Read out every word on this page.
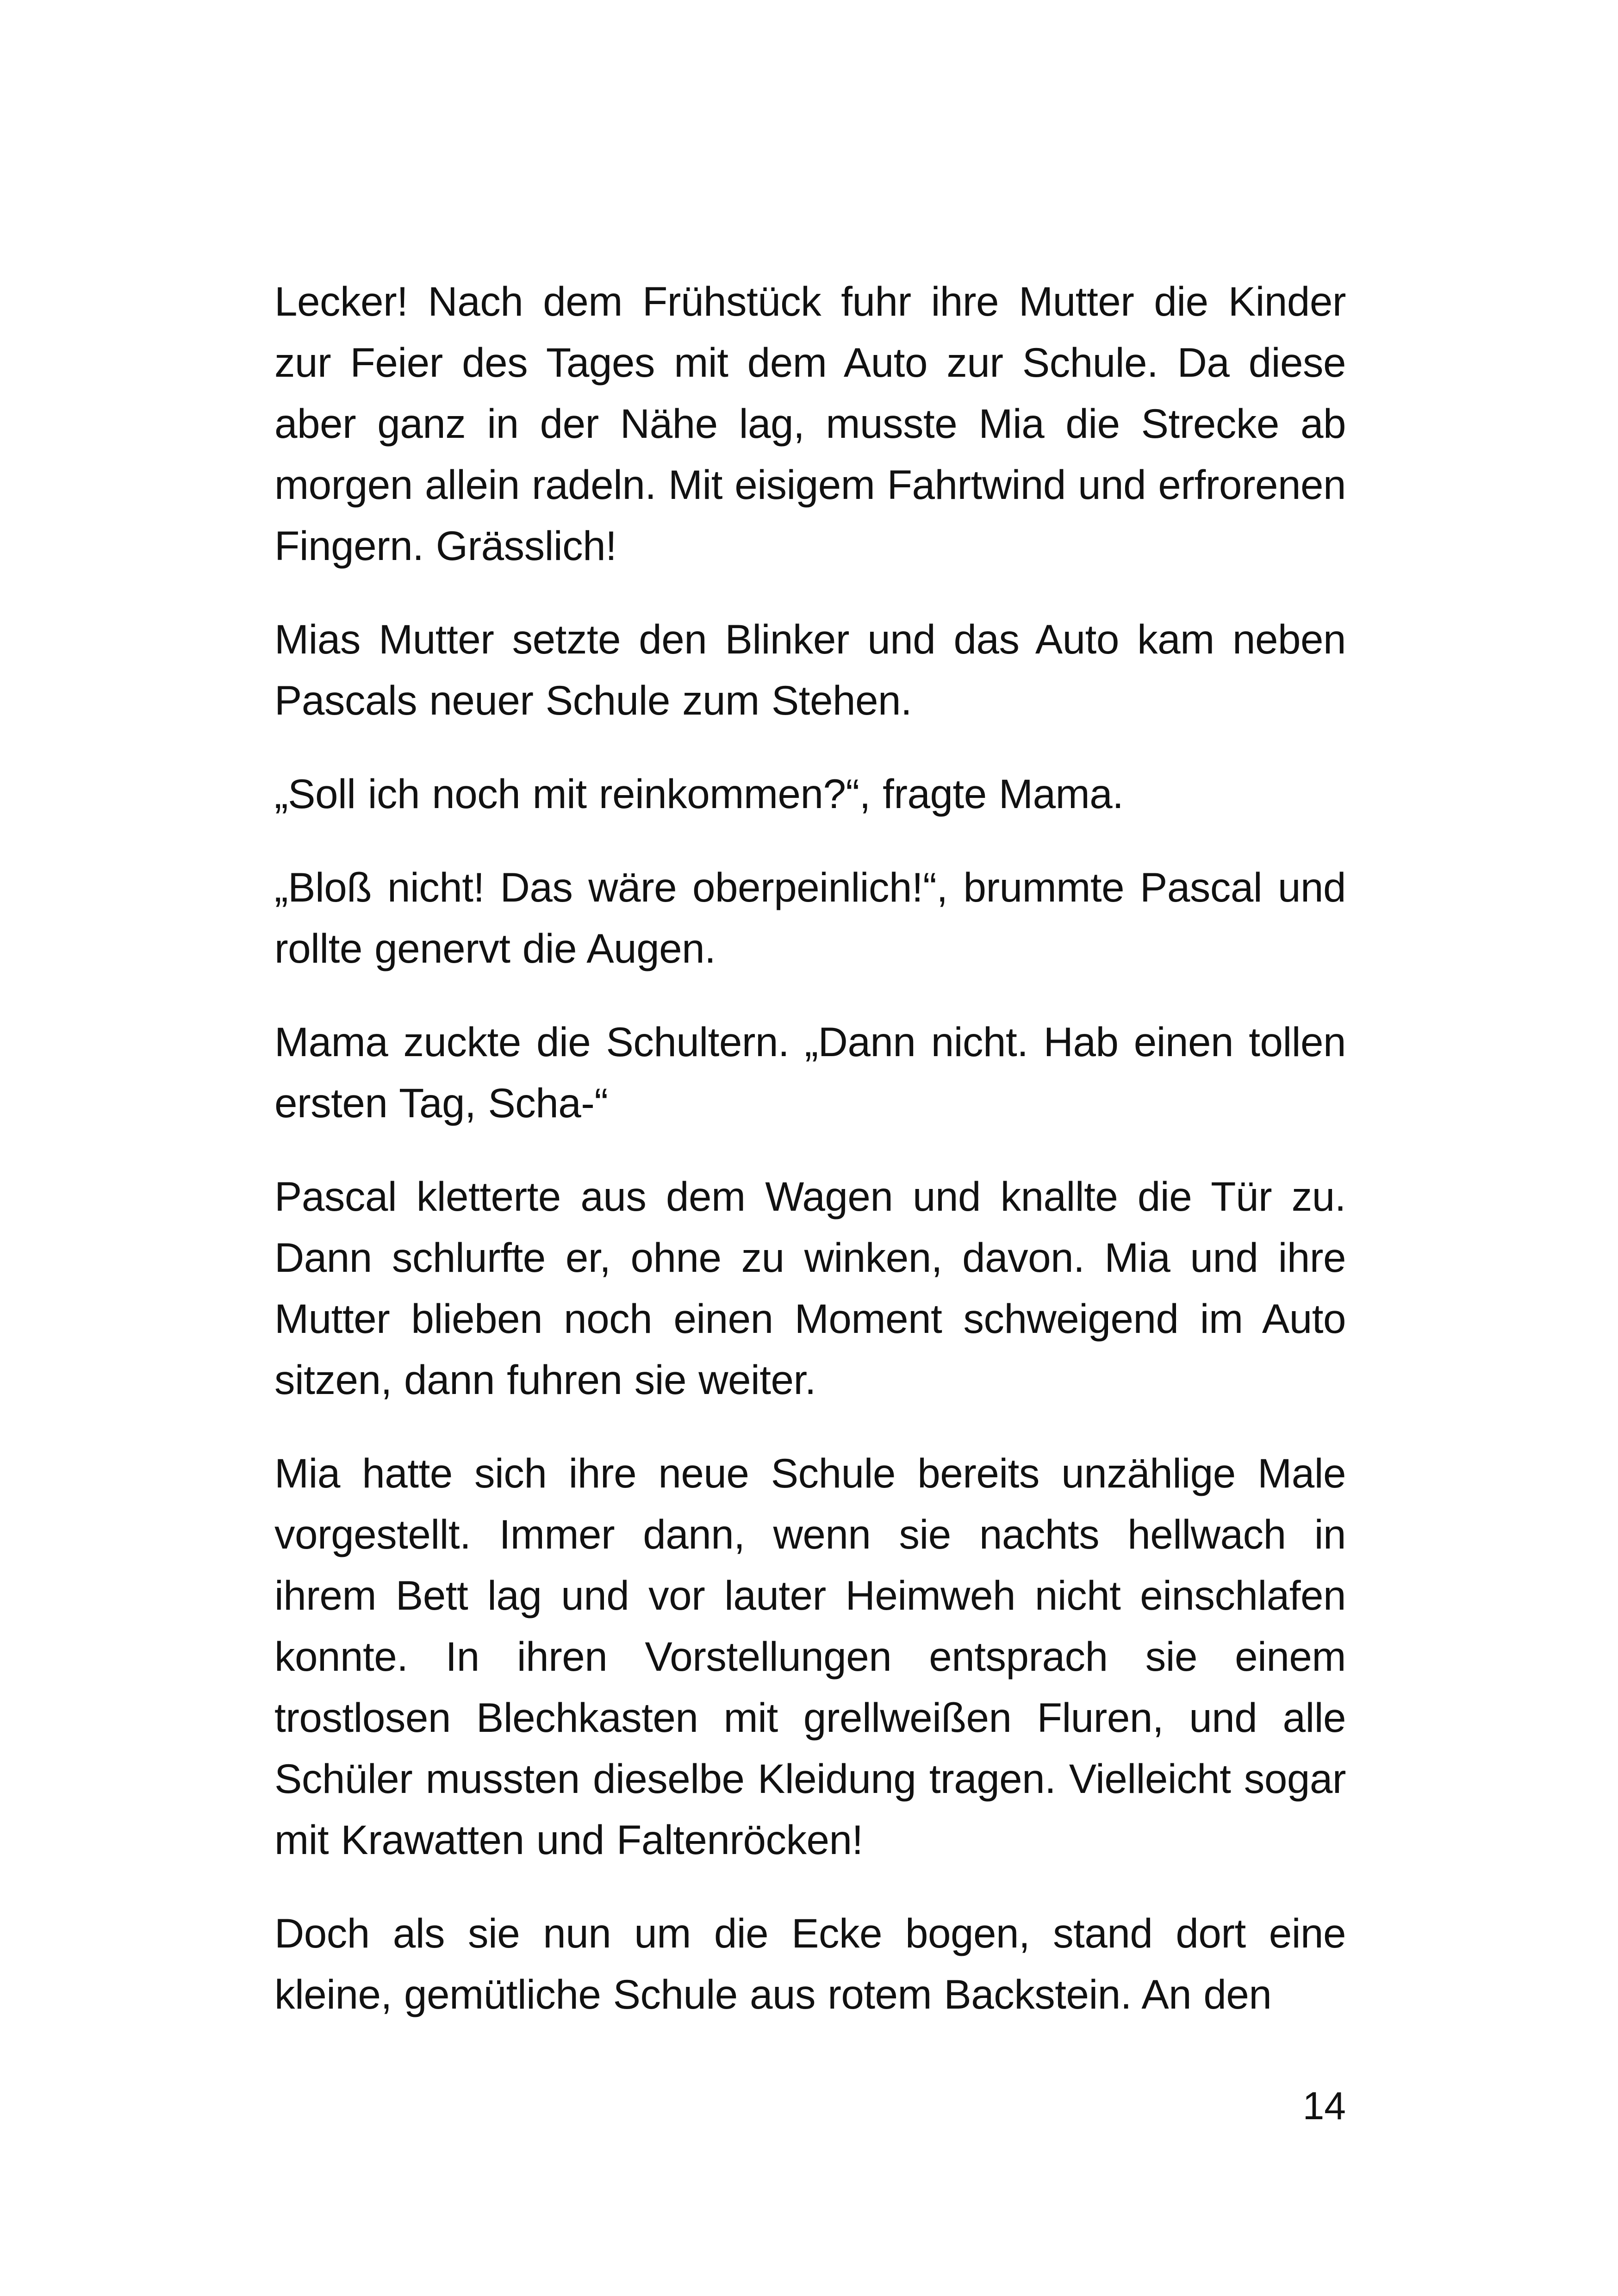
Lecker! Nach dem Frühstück fuhr ihre Mutter die Kinder zur Feier des Tages mit dem Auto zur Schule. Da diese aber ganz in der Nähe lag, musste Mia die Strecke ab morgen allein radeln. Mit eisigem Fahrtwind und erfrorenen Fingern. Grässlich!

Mias Mutter setzte den Blinker und das Auto kam neben Pascals neuer Schule zum Stehen.

„Soll ich noch mit reinkommen?“, fragte Mama.

„Bloß nicht! Das wäre oberpeinlich!“, brummte Pascal und rollte genervt die Augen.

Mama zuckte die Schultern. „Dann nicht. Hab einen tollen ersten Tag, Scha-“

Pascal kletterte aus dem Wagen und knallte die Tür zu. Dann schlurfte er, ohne zu winken, davon. Mia und ihre Mutter blieben noch einen Moment schweigend im Auto sitzen, dann fuhren sie weiter.

Mia hatte sich ihre neue Schule bereits unzählige Male vorgestellt. Immer dann, wenn sie nachts hellwach in ihrem Bett lag und vor lauter Heimweh nicht einschlafen konnte. In ihren Vorstellungen entsprach sie einem trostlosen Blechkasten mit grellweißen Fluren, und alle Schüler mussten dieselbe Kleidung tragen. Vielleicht sogar mit Krawatten und Faltenröcken!

Doch als sie nun um die Ecke bogen, stand dort eine kleine, gemütliche Schule aus rotem Backstein. An den

14
